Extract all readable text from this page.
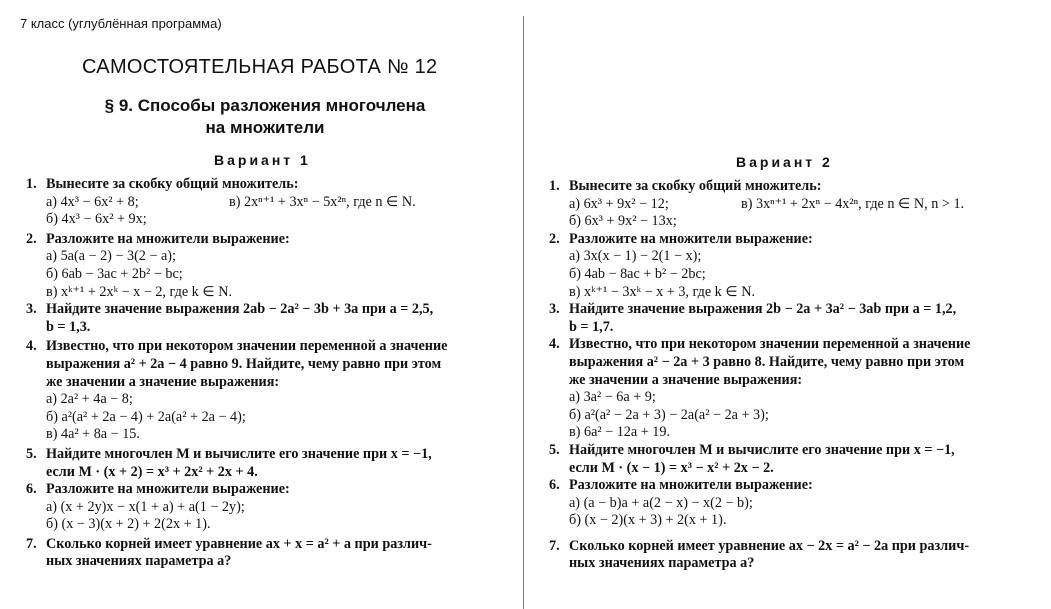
7 класс (углублённая программа)
САМОСТОЯТЕЛЬНАЯ РАБОТА № 12
§ 9. Способы разложения многочлена
на множители
Вариант 1
1. Вынесите за скобку общий множитель:
а) 4x³ − 6x² + 8;	в) 2xⁿ⁺¹ + 3xⁿ − 5x²ⁿ, где n ∈ N.
б) 4x³ − 6x² + 9x;
2. Разложите на множители выражение:
а) 5a(a − 2) − 3(2 − a);
б) 6ab − 3ac + 2b² − bc;
в) xᵏ⁺¹ + 2xᵏ − x − 2, где k ∈ N.
3. Найдите значение выражения 2ab − 2a² − 3b + 3a при a = 2,5,
b = 1,3.
4. Известно, что при некотором значении переменной a значение
выражения a² + 2a − 4 равно 9. Найдите, чему равно при этом
же значении a значение выражения:
а) 2a² + 4a − 8;
б) a²(a² + 2a − 4) + 2a(a² + 2a − 4);
в) 4a² + 8a − 15.
5. Найдите многочлен M и вычислите его значение при x = −1,
если M · (x + 2) = x³ + 2x² + 2x + 4.
6. Разложите на множители выражение:
а) (x + 2y)x − x(1 + a) + a(1 − 2y);
б) (x − 3)(x + 2) + 2(2x + 1).
7. Сколько корней имеет уравнение ax + x = a² + a при различ-
ных значениях параметра a?
Вариант 2
1. Вынесите за скобку общий множитель:
а) 6x³ + 9x² − 12;	в) 3xⁿ⁺¹ + 2xⁿ − 4x²ⁿ, где n ∈ N, n > 1.
б) 6x³ + 9x² − 13x;
2. Разложите на множители выражение:
а) 3x(x − 1) − 2(1 − x);
б) 4ab − 8ac + b² − 2bc;
в) xᵏ⁺¹ − 3xᵏ − x + 3, где k ∈ N.
3. Найдите значение выражения 2b − 2a + 3a² − 3ab при a = 1,2,
b = 1,7.
4. Известно, что при некотором значении переменной a значение
выражения a² − 2a + 3 равно 8. Найдите, чему равно при этом
же значении a значение выражения:
а) 3a² − 6a + 9;
б) a²(a² − 2a + 3) − 2a(a² − 2a + 3);
в) 6a² − 12a + 19.
5. Найдите многочлен M и вычислите его значение при x = −1,
если M · (x − 1) = x³ − x² + 2x − 2.
6. Разложите на множители выражение:
а) (a − b)a + a(2 − x) − x(2 − b);
б) (x − 2)(x + 3) + 2(x + 1).
7. Сколько корней имеет уравнение ax − 2x = a² − 2a при различ-
ных значениях параметра a?
